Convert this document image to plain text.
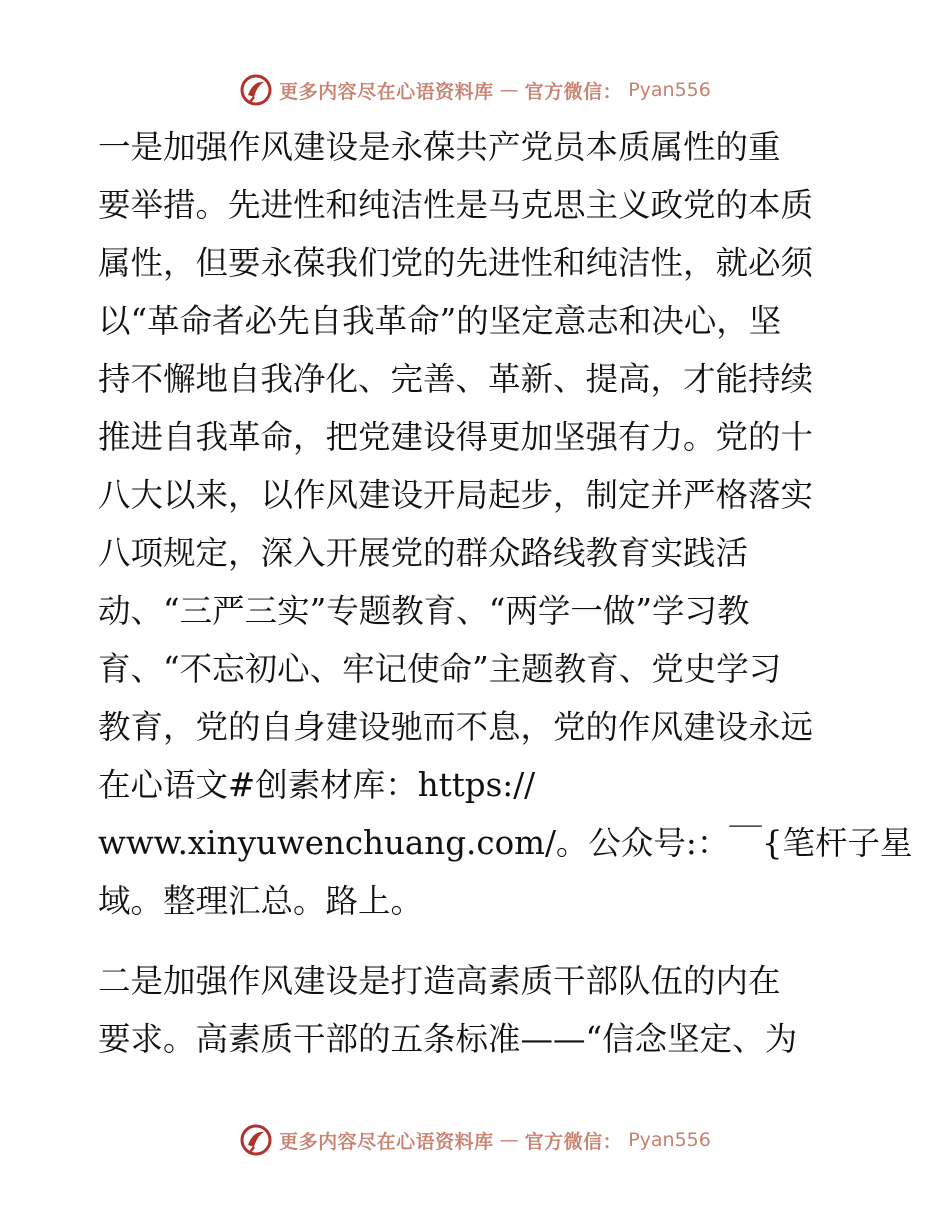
更多内容尽在心语资料库 — 官方微信： Pyan556
一是加强作风建设是永葆共产党员本质属性的重
要举措。先进性和纯洁性是马克思主义政党的本质
属性，但要永葆我们党的先进性和纯洁性，就必须
以“革命者必先自我革命”的坚定意志和决心，坚
持不懈地自我净化、完善、革新、提高，才能持续
推进自我革命，把党建设得更加坚强有力。党的十
八大以来，以作风建设开局起步，制定并严格落实
八项规定，深入开展党的群众路线教育实践活
动、“三严三实”专题教育、“两学一做”学习教
育、“不忘初心、牢记使命”主题教育、党史学习
教育，党的自身建设驰而不息，党的作风建设永远
在心语文#创素材库：https://
www.xinyuwenchuang.com/。公众号:：￣{笔杆子星
域。整理汇总。路上。
二是加强作风建设是打造高素质干部队伍的内在
要求。高素质干部的五条标准——“信念坚定、为
更多内容尽在心语资料库 — 官方微信： Pyan556
